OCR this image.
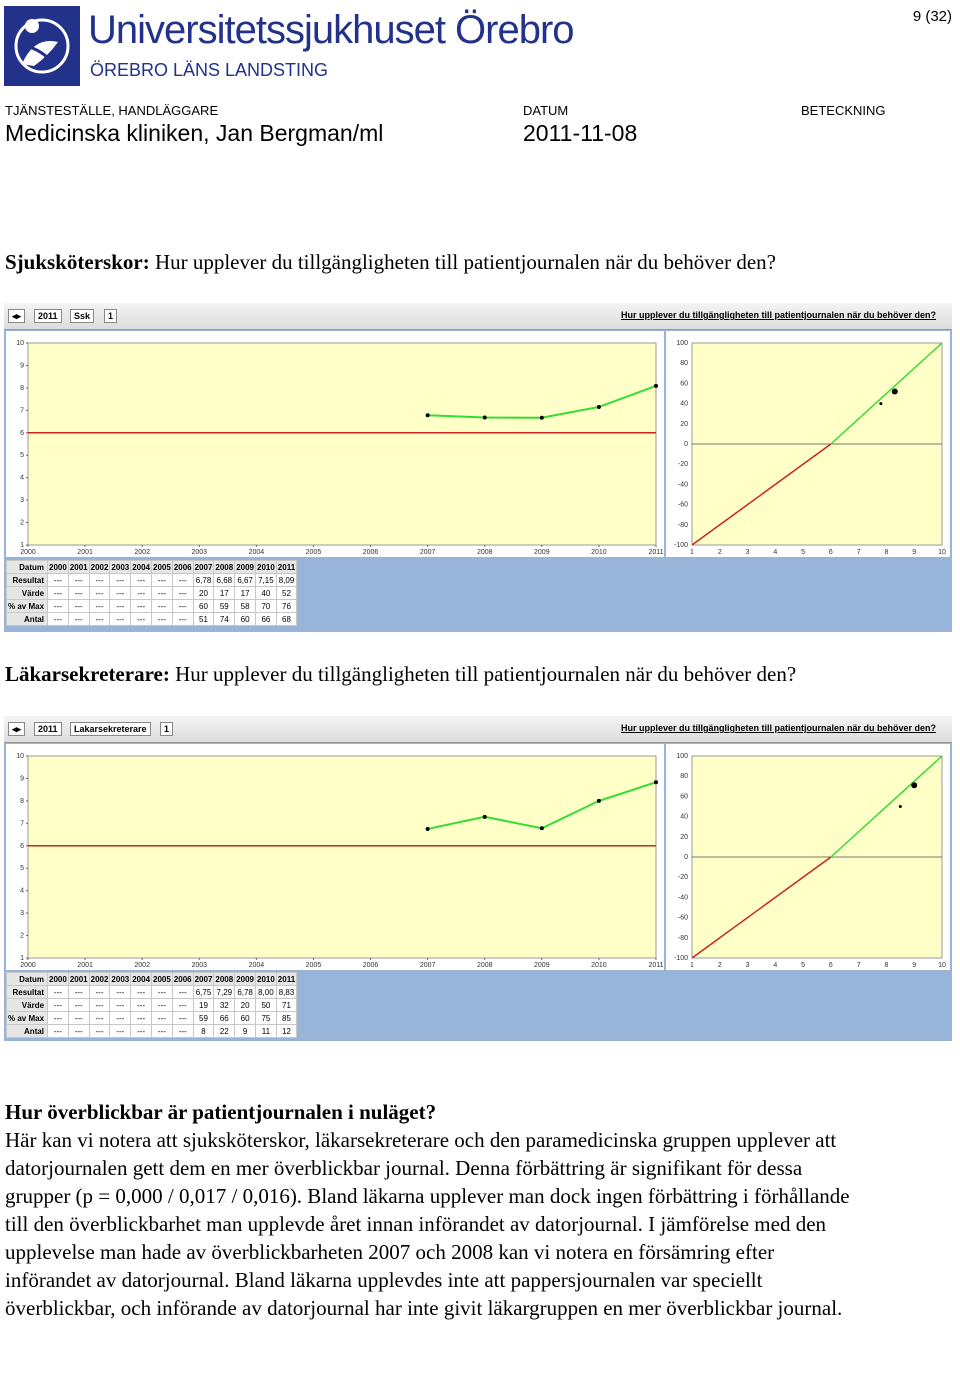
Universitetssjukhuset Örebro
ÖREBRO LÄNS LANDSTING
9 (32)
TJÄNSTESTÄLLE, HANDLÄGGARE
Medicinska kliniken, Jan Bergman/ml
DATUM
2011-11-08
BETECKNING
Sjuksköterskor: Hur upplever du tillgängligheten till patientjournalen när du behöver den?
◂▸	2011	Ssk	1	Hur upplever du tillgängligheten till patientjournalen när du behöver den?
1
2
3
4
5
6
7
8
9
10
2000	2001	2002	2003	2004	2005	2006	2007	2008	2009	2010	2011
-100
-80
-60
-40
-20
0
20
40
60
80
100
1	2	3	4	5	6	7	8	9	10
Datum	2000	2001	2002	2003	2004	2005	2006	2007	2008	2009	2010	2011
Resultat	---	---	---	---	---	---	---	6,78	6,68	6,67	7,15	8,09
Värde	---	---	---	---	---	---	---	20	17	17	40	52
% av Max	---	---	---	---	---	---	---	60	59	58	70	76
Antal	---	---	---	---	---	---	---	51	74	60	66	68
Läkarsekreterare: Hur upplever du tillgängligheten till patientjournalen när du behöver den?
◂▸	2011	Lakarsekreterare	1	Hur upplever du tillgängligheten till patientjournalen när du behöver den?
1
2
3
4
5
6
7
8
9
10
2000	2001	2002	2003	2004	2005	2006	2007	2008	2009	2010	2011
-100
-80
-60
-40
-20
0
20
40
60
80
100
1	2	3	4	5	6	7	8	9	10
Datum	2000	2001	2002	2003	2004	2005	2006	2007	2008	2009	2010	2011
Resultat	---	---	---	---	---	---	---	6,75	7,29	6,78	8,00	8,83
Värde	---	---	---	---	---	---	---	19	32	20	50	71
% av Max	---	---	---	---	---	---	---	59	66	60	75	85
Antal	---	---	---	---	---	---	---	8	22	9	11	12
Hur överblickbar är patientjournalen i nuläget?
Här kan vi notera att sjuksköterskor, läkarsekreterare och den paramedicinska gruppen upplever att datorjournalen gett dem en mer överblickbar journal. Denna förbättring är signifikant för dessa grupper (p = 0,000 / 0,017 / 0,016). Bland läkarna upplever man dock ingen förbättring i förhållande till den överblickbarhet man upplevde året innan införandet av datorjournal. I jämförelse med den upplevelse man hade av överblickbarheten 2007 och 2008 kan vi notera en försämring efter införandet av datorjournal. Bland läkarna upplevdes inte att pappersjournalen var speciellt överblickbar, och införande av datorjournal har inte givit läkargruppen en mer överblickbar journal.
